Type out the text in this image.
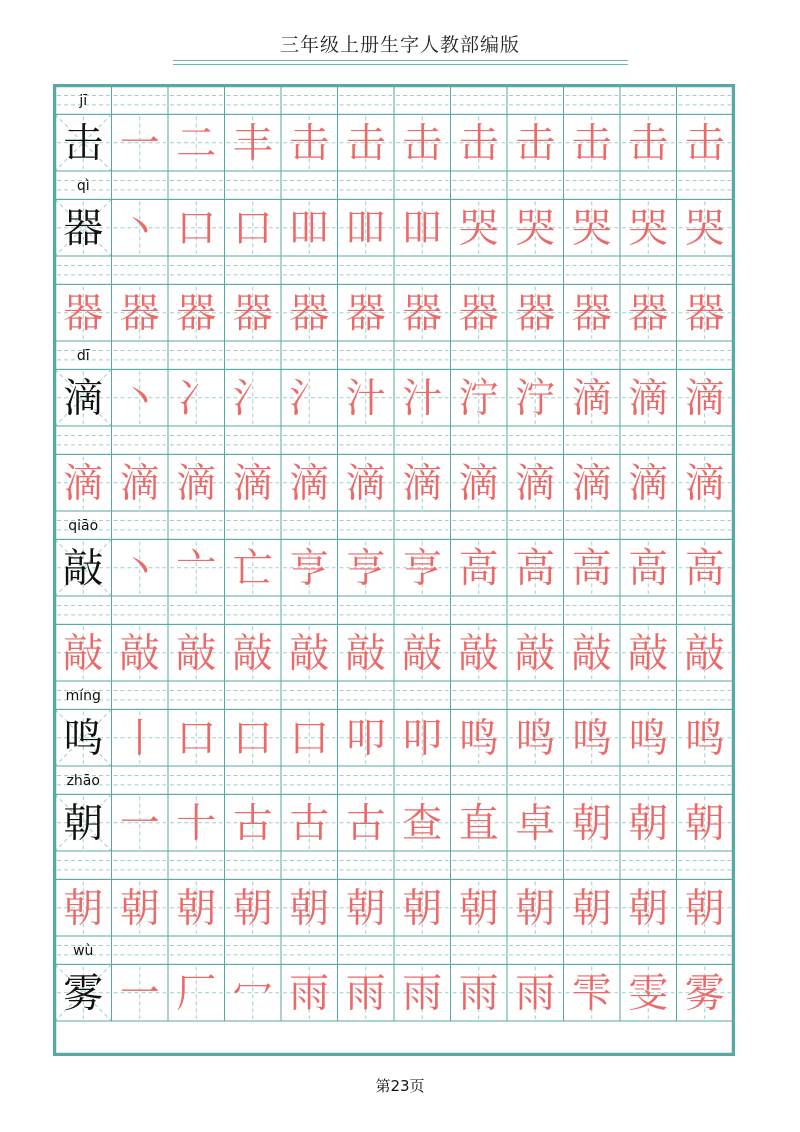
三年级上册生字人教部编版
jī
击 一 二 丰 击 击 击 击 击 击 击 击
qì
器 丶 口 口 吅 吅 吅 哭 哭 哭 哭 哭
器 器 器 器 器 器 器 器 器 器 器 器
dī
滴 丶 冫 氵 氵 汁 汁 泞 泞 滴 滴 滴
滴 滴 滴 滴 滴 滴 滴 滴 滴 滴 滴 滴
qiāo
敲 丶 亠 亡 亨 亨 亨 高 高 高 高 高
敲 敲 敲 敲 敲 敲 敲 敲 敲 敲 敲 敲
míng
鸣 丨 口 口 口 叩 叩 鸣 鸣 鸣 鸣 鸣
zhāo
朝 一 十 古 古 古 查 直 卓 朝 朝 朝
朝 朝 朝 朝 朝 朝 朝 朝 朝 朝 朝 朝
wù
雾 一 厂 冖 雨 雨 雨 雨 雨 雫 雯 雾
第23页
